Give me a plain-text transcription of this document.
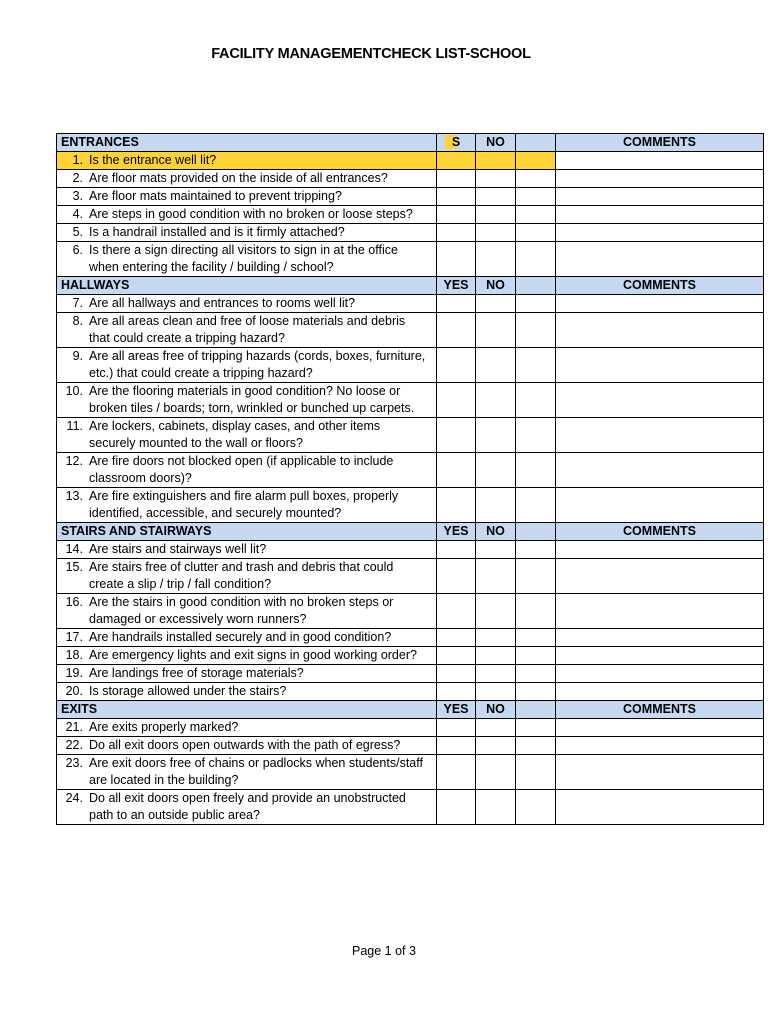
FACILITY MANAGEMENTCHECK LIST-SCHOOL
ENTRANCES	S	NO		COMMENTS
1. Is the entrance well lit?				
2. Are floor mats provided on the inside of all entrances?				
3. Are floor mats maintained to prevent tripping?				
4. Are steps in good condition with no broken or loose steps?				
5. Is a handrail installed and is it firmly attached?				
6. Is there a sign directing all visitors to sign in at the office when entering the facility / building / school?				
HALLWAYS	YES	NO		COMMENTS
7. Are all hallways and entrances to rooms well lit?				
8. Are all areas clean and free of loose materials and debris that could create a tripping hazard?				
9. Are all areas free of tripping hazards (cords, boxes, furniture, etc.) that could create a tripping hazard?				
10. Are the flooring materials in good condition? No loose or broken tiles / boards; torn, wrinkled or bunched up carpets.				
11. Are lockers, cabinets, display cases, and other items securely mounted to the wall or floors?				
12. Are fire doors not blocked open (if applicable to include classroom doors)?				
13. Are fire extinguishers and fire alarm pull boxes, properly identified, accessible, and securely mounted?				
STAIRS AND STAIRWAYS	YES	NO		COMMENTS
14. Are stairs and stairways well lit?				
15. Are stairs free of clutter and trash and debris that could create a slip / trip / fall condition?				
16. Are the stairs in good condition with no broken steps or damaged or excessively worn runners?				
17. Are handrails installed securely and in good condition?				
18. Are emergency lights and exit signs in good working order?				
19. Are landings free of storage materials?				
20. Is storage allowed under the stairs?				
EXITS	YES	NO		COMMENTS
21. Are exits properly marked?				
22. Do all exit doors open outwards with the path of egress?				
23. Are exit doors free of chains or padlocks when students/staff are located in the building?				
24. Do all exit doors open freely and provide an unobstructed path to an outside public area?				
Page 1 of 3
